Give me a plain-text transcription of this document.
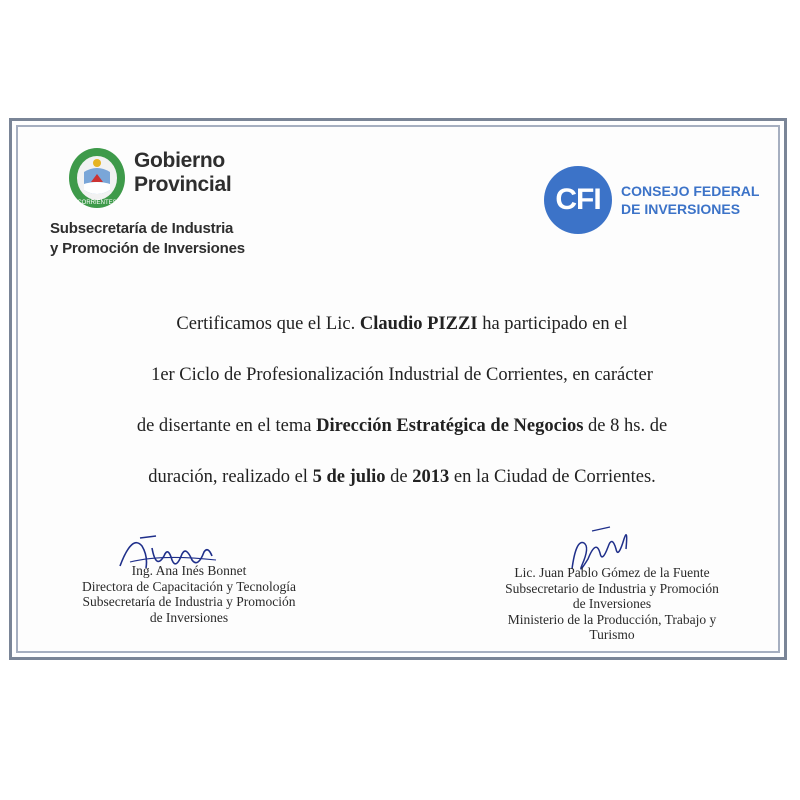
CORRIENTES
Gobierno
Provincial
Subsecretaría de Industria
y Promoción de Inversiones
CFI	CONSEJO FEDERAL
DE INVERSIONES

Certificamos que el Lic. Claudio PIZZI ha participado en el

1er Ciclo de Profesionalización Industrial de Corrientes, en carácter

de disertante en el tema Dirección Estratégica de Negocios de 8 hs. de

duración, realizado el 5 de julio de 2013 en la Ciudad de Corrientes.

Ing. Ana Inés Bonnet

Directora de Capacitación y Tecnología

Subsecretaría de Industria y Promoción

de Inversiones

Lic. Juan Pablo Gómez de la Fuente

Subsecretario de Industria y Promoción

de Inversiones

Ministerio de la Producción, Trabajo y

Turismo
